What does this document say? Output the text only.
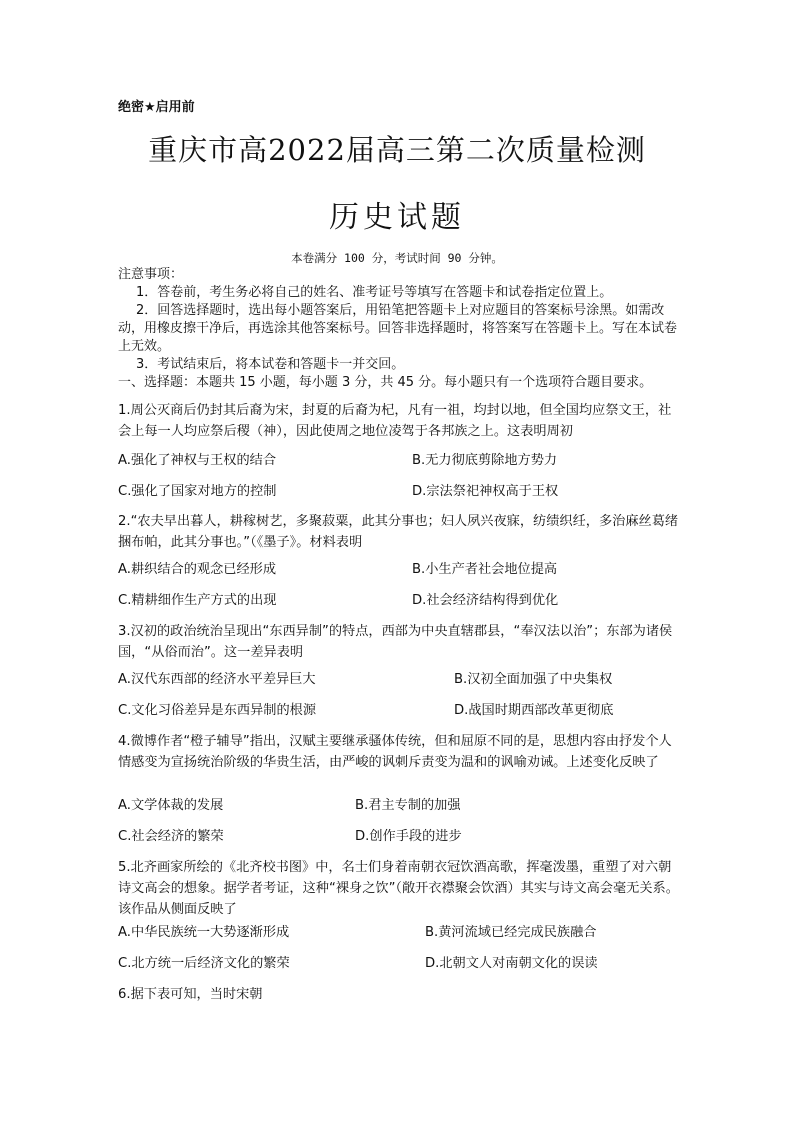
绝密★启用前
重庆市高2022届高三第二次质量检测
历史试题
本卷满分 100 分，考试时间 90 分钟。

注意事项：

1．答卷前，考生务必将自己的姓名、准考证号等填写在答题卡和试卷指定位置上。

2．回答选择题时，选出每小题答案后，用铅笔把答题卡上对应题目的答案标号涂黑。如需改动，用橡皮擦干净后，再选涂其他答案标号。回答非选择题时，将答案写在答题卡上。写在本试卷上无效。

3．考试结束后，将本试卷和答题卡一并交回。

一、选择题：本题共 15 小题，每小题 3 分，共 45 分。每小题只有一个选项符合题目要求。

1.周公灭商后仍封其后裔为宋，封夏的后裔为杞，凡有一祖，均封以地，但全国均应祭文王，社会上每一人均应祭后稷（神），因此使周之地位凌驾于各邦族之上。这表明周初

A.强化了神权与王权的结合	B.无力彻底剪除地方势力
C.强化了国家对地方的控制	D.宗法祭祀神权高于王权

2.“农夫早出暮人，耕稼树艺，多聚菽粟，此其分事也；妇人夙兴夜寐，纺绩织纴，多治麻丝葛绪捆布帕，此其分事也。”（《墨子》。材料表明

A.耕织结合的观念已经形成	B.小生产者社会地位提高
C.精耕细作生产方式的出现	D.社会经济结构得到优化

3.汉初的政治统治呈现出“东西异制”的特点，西部为中央直辖郡县，“奉汉法以治”；东部为诸侯国，“从俗而治”。这一差异表明

A.汉代东西部的经济水平差异巨大	B.汉初全面加强了中央集权
C.文化习俗差异是东西异制的根源	D.战国时期西部改革更彻底

4.微博作者“橙子辅导”指出，汉赋主要继承骚体传统，但和屈原不同的是，思想内容由抒发个人情感变为宣扬统治阶级的华贵生活，由严峻的讽刺斥责变为温和的讽喻劝诫。上述变化反映了

A.文学体裁的发展	B.君主专制的加强
C.社会经济的繁荣	D.创作手段的进步

5.北齐画家所绘的《北齐校书图》中，名士们身着南朝衣冠饮酒高歌，挥毫泼墨，重塑了对六朝诗文高会的想象。据学者考证，这种“裸身之饮”（敞开衣襟聚会饮酒）其实与诗文高会毫无关系。该作品从侧面反映了

A.中华民族统一大势逐渐形成	B.黄河流域已经完成民族融合
C.北方统一后经济文化的繁荣	D.北朝文人对南朝文化的误读

6.据下表可知，当时宋朝
